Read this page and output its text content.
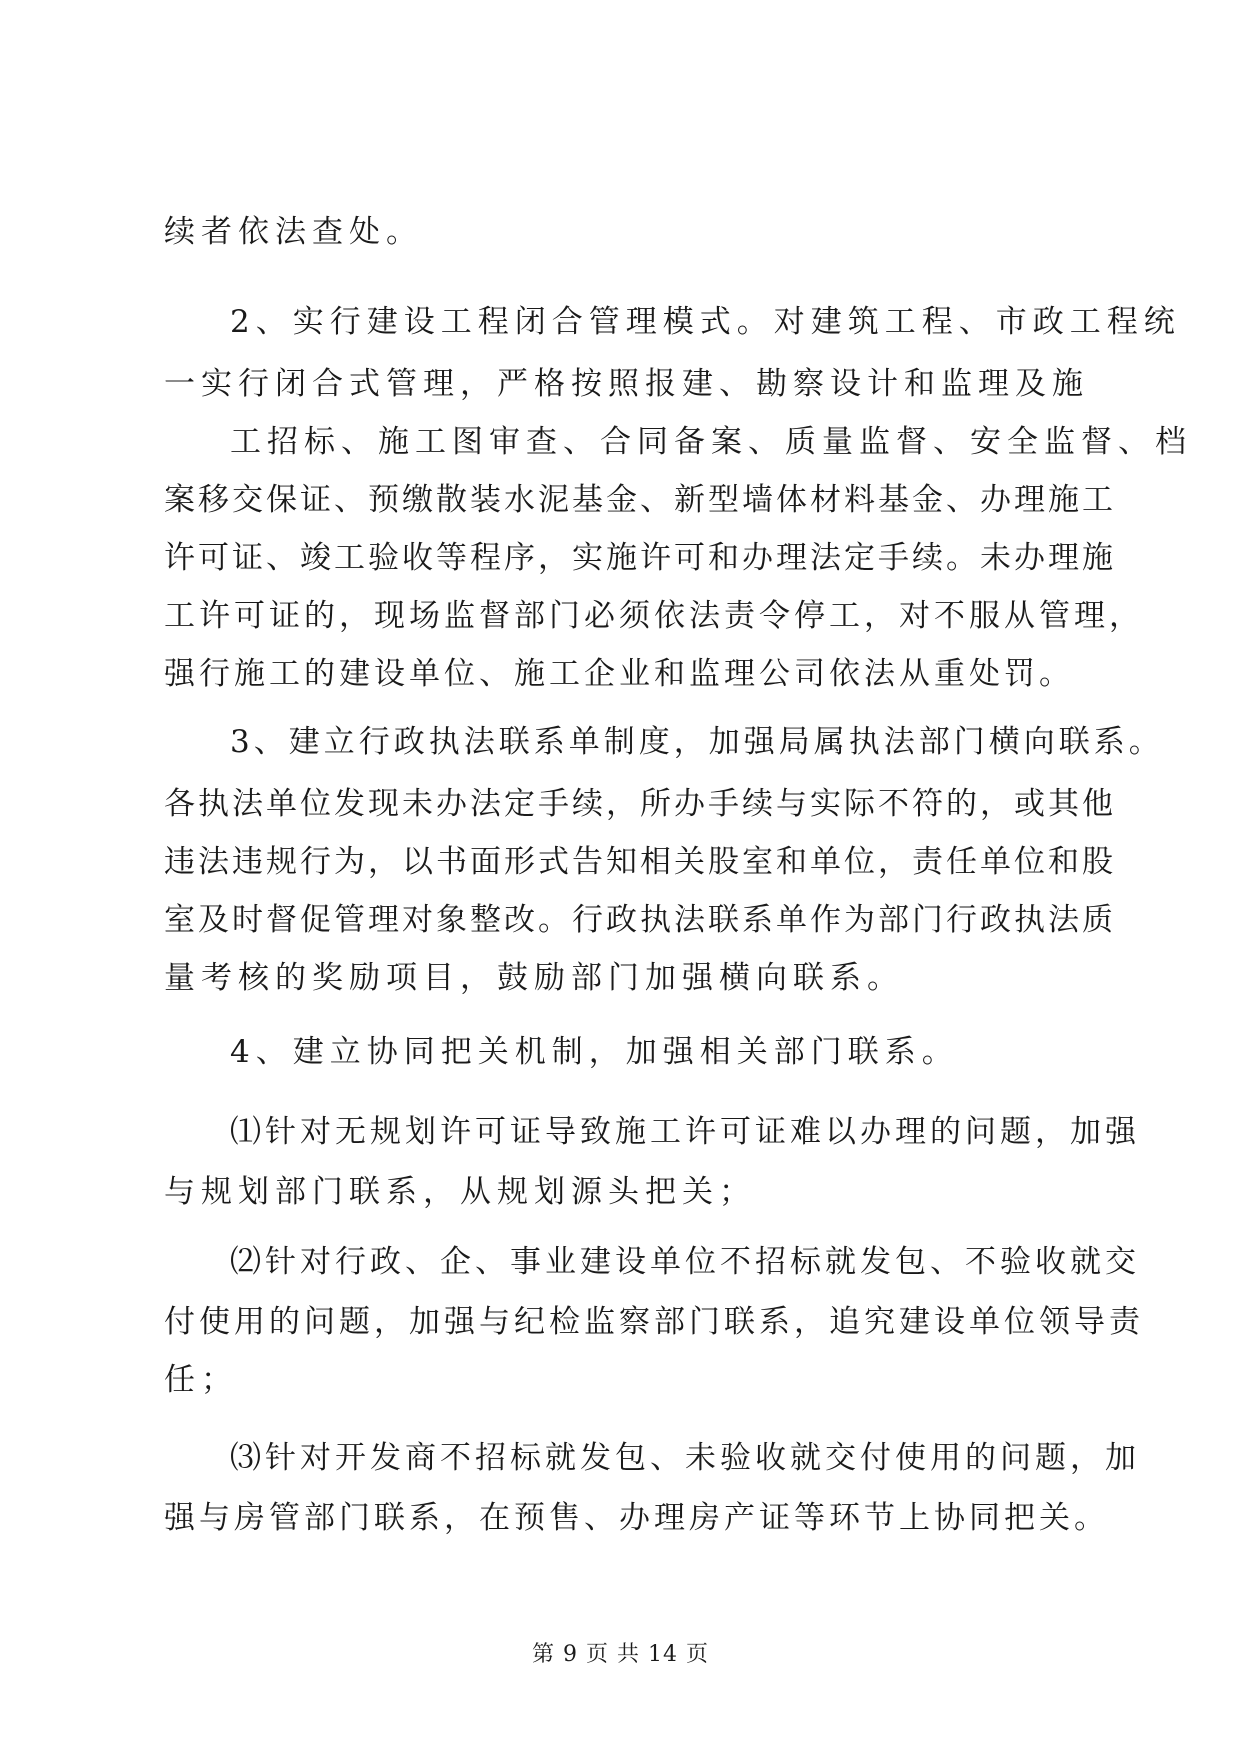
续者依法查处。
2、实行建设工程闭合管理模式。对建筑工程、市政工程统
一实行闭合式管理，严格按照报建、勘察设计和监理及施
工招标、施工图审查、合同备案、质量监督、安全监督、档
案移交保证、预缴散装水泥基金、新型墙体材料基金、办理施工
许可证、竣工验收等程序，实施许可和办理法定手续。未办理施
工许可证的，现场监督部门必须依法责令停工，对不服从管理，
强行施工的建设单位、施工企业和监理公司依法从重处罚。
3、建立行政执法联系单制度，加强局属执法部门横向联系。
各执法单位发现未办法定手续，所办手续与实际不符的，或其他
违法违规行为，以书面形式告知相关股室和单位，责任单位和股
室及时督促管理对象整改。行政执法联系单作为部门行政执法质
量考核的奖励项目，鼓励部门加强横向联系。
4、建立协同把关机制，加强相关部门联系。
⑴针对无规划许可证导致施工许可证难以办理的问题，加强
与规划部门联系，从规划源头把关；
⑵针对行政、企、事业建设单位不招标就发包、不验收就交
付使用的问题，加强与纪检监察部门联系，追究建设单位领导责
任；
⑶针对开发商不招标就发包、未验收就交付使用的问题，加
强与房管部门联系，在预售、办理房产证等环节上协同把关。
第 9 页 共 14 页
